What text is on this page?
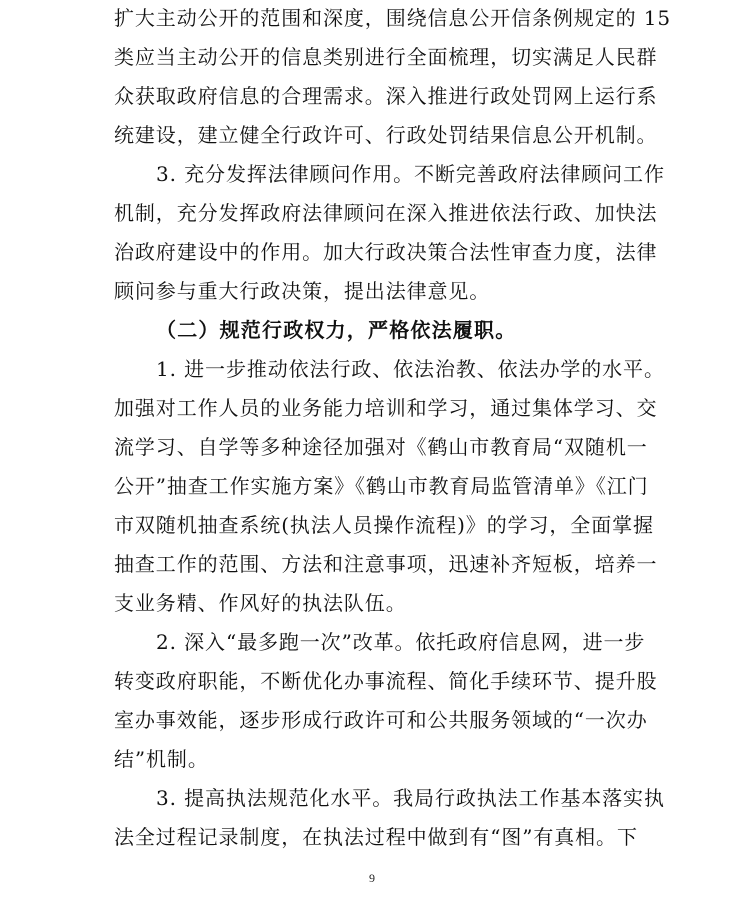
扩大主动公开的范围和深度，围绕信息公开信条例规定的 15
类应当主动公开的信息类别进行全面梳理，切实满足人民群
众获取政府信息的合理需求。深入推进行政处罚网上运行系
统建设，建立健全行政许可、行政处罚结果信息公开机制。
3. 充分发挥法律顾问作用。不断完善政府法律顾问工作
机制，充分发挥政府法律顾问在深入推进依法行政、加快法
治政府建设中的作用。加大行政决策合法性审查力度，法律
顾问参与重大行政决策，提出法律意见。
（二）规范行政权力，严格依法履职。
1. 进一步推动依法行政、依法治教、依法办学的水平。
加强对工作人员的业务能力培训和学习，通过集体学习、交
流学习、自学等多种途径加强对《鹤山市教育局“双随机一
公开”抽查工作实施方案》《鹤山市教育局监管清单》《江门
市双随机抽查系统(执法人员操作流程)》的学习，全面掌握
抽查工作的范围、方法和注意事项，迅速补齐短板，培养一
支业务精、作风好的执法队伍。
2. 深入“最多跑一次”改革。依托政府信息网，进一步
转变政府职能，不断优化办事流程、简化手续环节、提升股
室办事效能，逐步形成行政许可和公共服务领域的“一次办
结”机制。
3. 提高执法规范化水平。我局行政执法工作基本落实执
法全过程记录制度，在执法过程中做到有“图”有真相。下
9
